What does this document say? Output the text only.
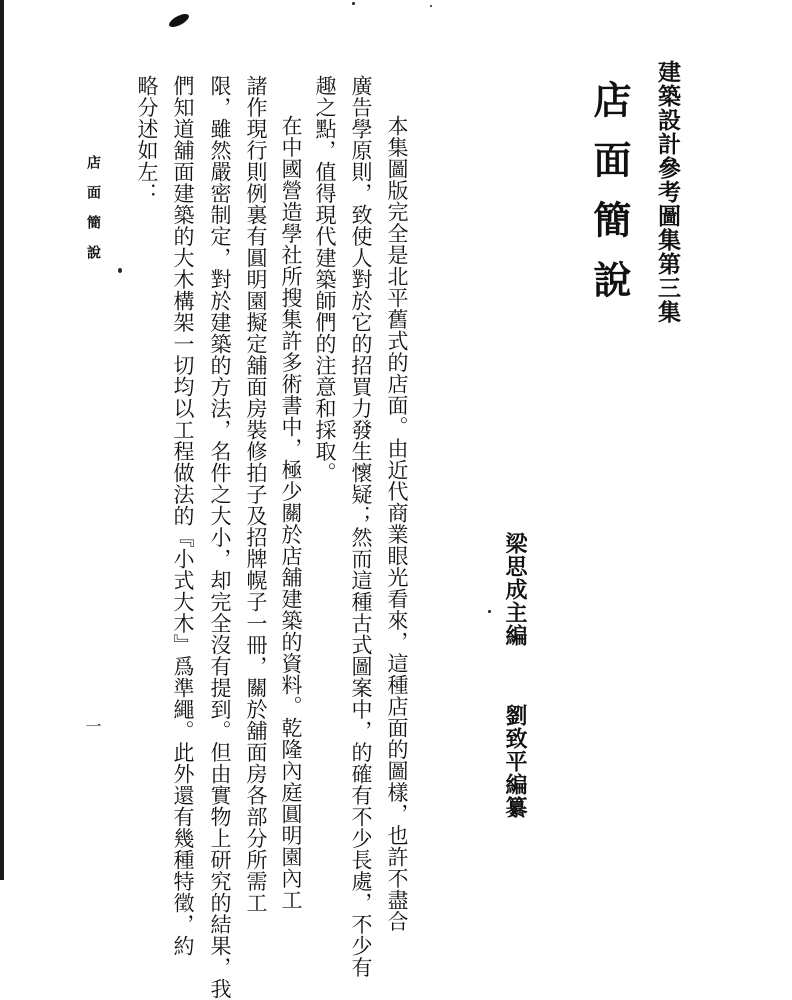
建築設計參考圖集第三集
店面簡說
梁思成主編
劉致平編纂
本集圖版完全是北平舊式的店面。由近代商業眼光看來，這種店面的圖樣，也許不盡合
廣告學原則，致使人對於它的招買力發生懷疑；然而這種古式圖案中，的確有不少長處，不少有
趣之點，值得現代建築師們的注意和採取。
在中國營造學社所搜集許多術書中，極少關於店舖建築的資料。乾隆內庭圓明園內工
諸作現行則例裏有圓明園擬定舖面房裝修拍子及招牌幌子一冊，關於舖面房各部分所需工
限，雖然嚴密制定，對於建築的方法，名件之大小，却完全沒有提到。但由實物上研究的結果，我
們知道舖面建築的大木構架一切均以工程做法的『小式大木』爲準繩。此外還有幾種特徵，約
略分述如左：
店面簡說
一
